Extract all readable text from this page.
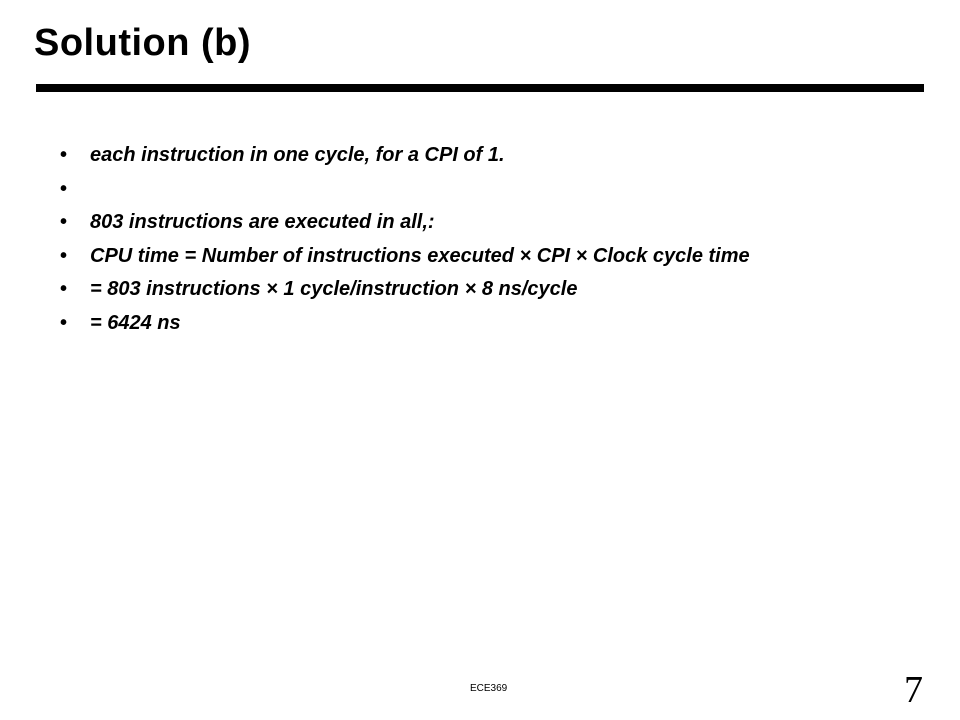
Solution (b)
• each instruction in one cycle, for a CPI of 1.
•
• 803 instructions are executed in all,:
• CPU time = Number of instructions executed × CPI × Clock cycle time
• = 803 instructions × 1 cycle/instruction × 8 ns/cycle
• = 6424 ns
ECE369	7
